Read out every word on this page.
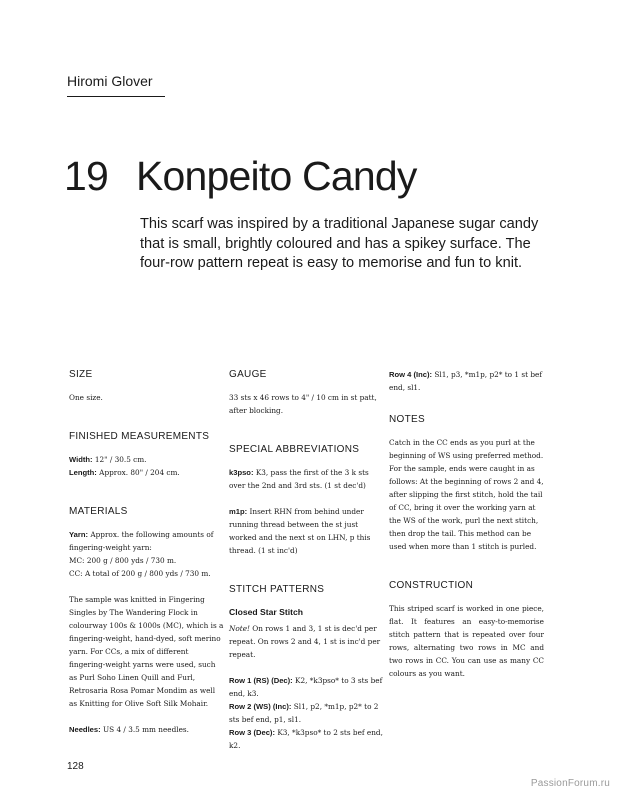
Hiromi Glover
19 Konpeito Candy
This scarf was inspired by a traditional Japanese sugar candy that is small, brightly coloured and has a spikey surface. The four-row pattern repeat is easy to memorise and fun to knit.
SIZE

One size.

FINISHED MEASUREMENTS

Width: 12" / 30.5 cm.

Length: Approx. 80" / 204 cm.

MATERIALS

Yarn: Approx. the following amounts of fingering-weight yarn:

MC: 200 g / 800 yds / 730 m.

CC: A total of 200 g / 800 yds / 730 m.

The sample was knitted in Fingering Singles by The Wandering Flock in colourway 100s & 1000s (MC), which is a fingering-weight, hand-dyed, soft merino yarn. For CCs, a mix of different fingering-weight yarns were used, such as Purl Soho Linen Quill and Furl, Retrosaria Rosa Pomar Mondim as well as Knitting for Olive Soft Silk Mohair.

Needles: US 4 / 3.5 mm needles.

GAUGE

33 sts x 46 rows to 4" / 10 cm in st patt, after blocking.

SPECIAL ABBREVIATIONS

k3pso: K3, pass the first of the 3 k sts over the 2nd and 3rd sts. (1 st dec'd)

m1p: Insert RHN from behind under running thread between the st just worked and the next st on LHN, p this thread. (1 st inc'd)

STITCH PATTERNS
Closed Star Stitch

Note! On rows 1 and 3, 1 st is dec'd per repeat. On rows 2 and 4, 1 st is inc'd per repeat.

Row 1 (RS) (Dec): K2, *k3pso* to 3 sts bef end, k3.

Row 2 (WS) (Inc): Sl1, p2, *m1p, p2* to 2 sts bef end, p1, sl1.

Row 3 (Dec): K3, *k3pso* to 2 sts bef end, k2.

Row 4 (Inc): Sl1, p3, *m1p, p2* to 1 st bef end, sl1.

NOTES

Catch in the CC ends as you purl at the beginning of WS using preferred method. For the sample, ends were caught in as follows: At the beginning of rows 2 and 4, after slipping the first stitch, hold the tail of CC, bring it over the working yarn at the WS of the work, purl the next stitch, then drop the tail. This method can be used when more than 1 stitch is purled.

CONSTRUCTION

This striped scarf is worked in one piece, flat. It features an easy-to-memorise stitch pattern that is repeated over four rows, alternating two rows in MC and two rows in CC. You can use as many CC colours as you want.

128
PassionForum.ru
